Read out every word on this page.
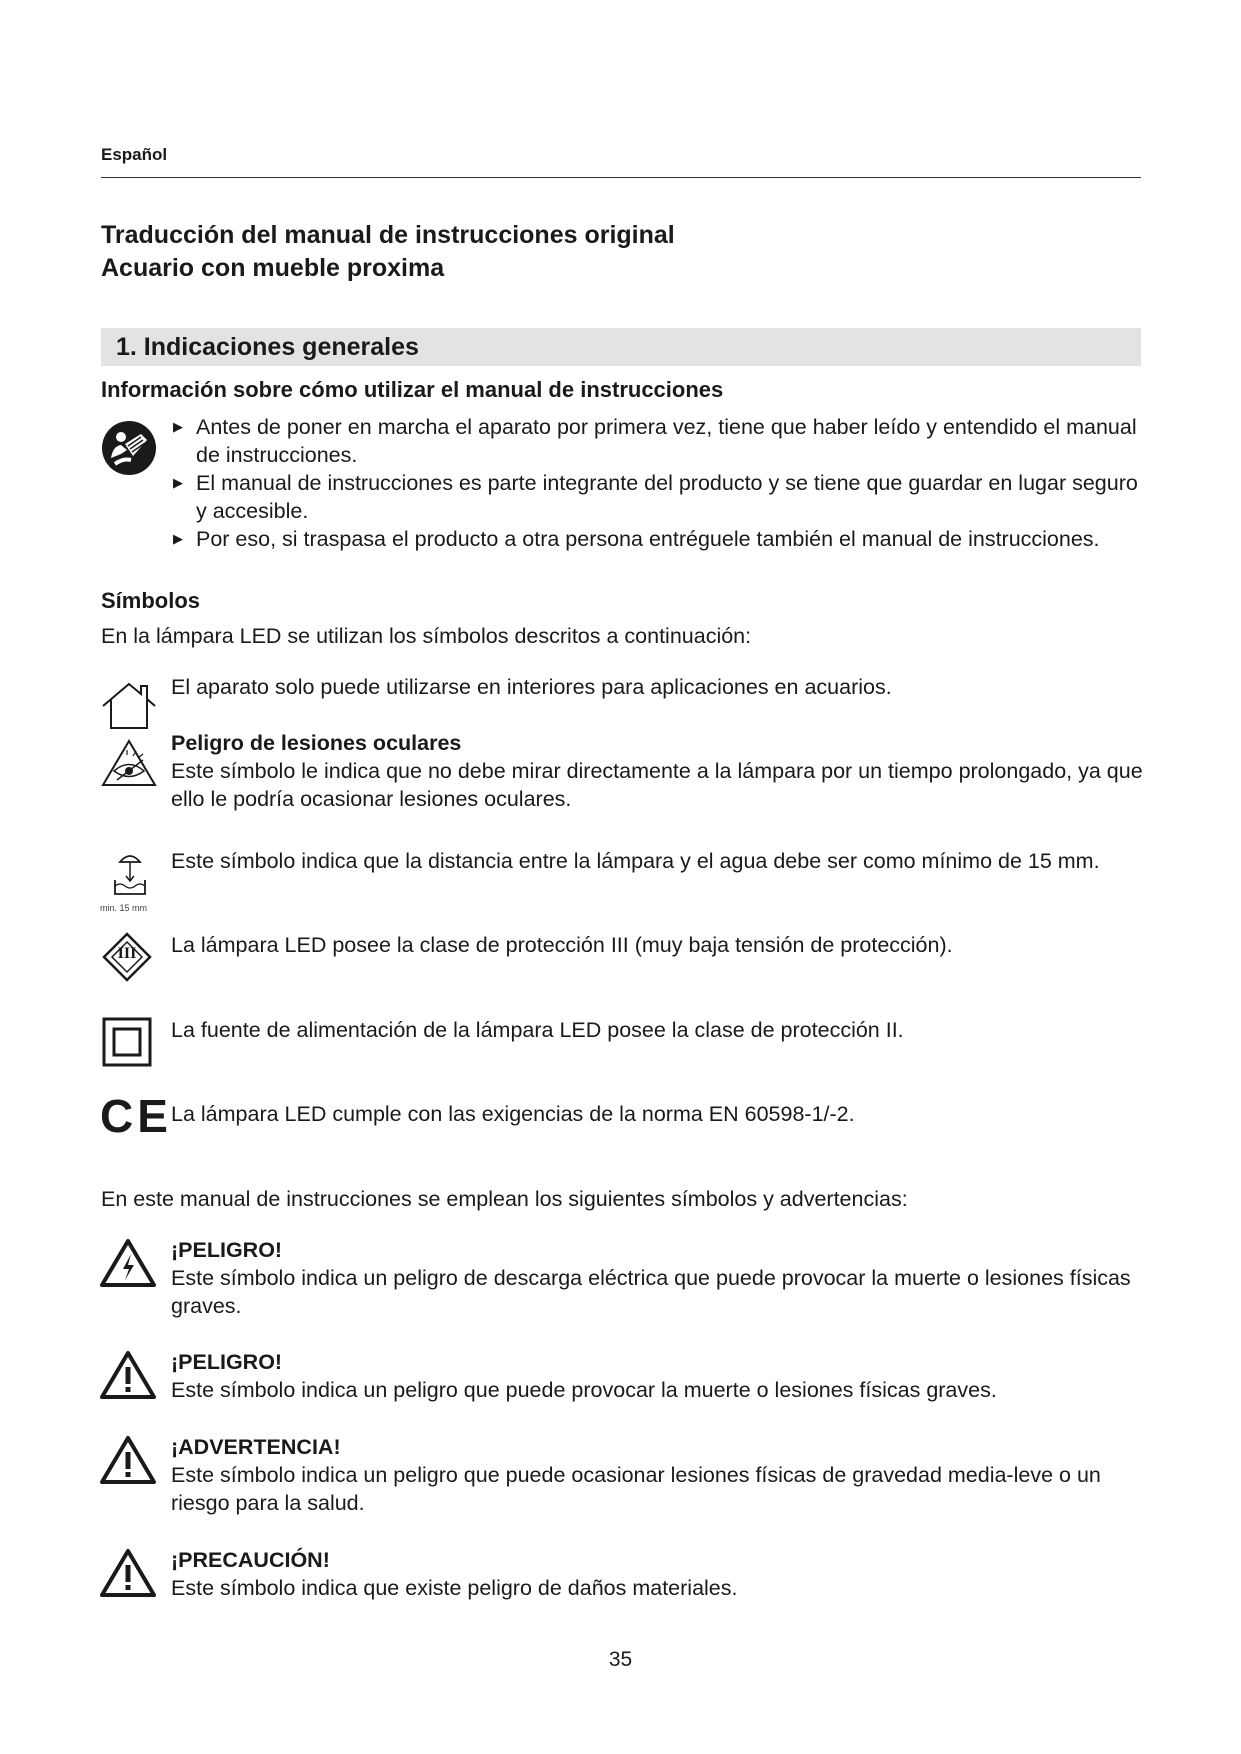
Español
Traducción del manual de instrucciones original
Acuario con mueble proxima
1. Indicaciones generales
Información sobre cómo utilizar el manual de instrucciones
▶ Antes de poner en marcha el aparato por primera vez, tiene que haber leído y entendido el manual de instrucciones.
▶ El manual de instrucciones es parte integrante del producto y se tiene que guardar en lugar seguro y accesible.
▶ Por eso, si traspasa el producto a otra persona entréguele también el manual de instrucciones.
Símbolos
En la lámpara LED se utilizan los símbolos descritos a continuación:
El aparato solo puede utilizarse en interiores para aplicaciones en acuarios.
Peligro de lesiones oculares
Este símbolo le indica que no debe mirar directamente a la lámpara por un tiempo prolongado, ya que ello le podría ocasionar lesiones oculares.
min. 15 mm
Este símbolo indica que la distancia entre la lámpara y el agua debe ser como mínimo de 15 mm.
III	La lámpara LED posee la clase de protección III (muy baja tensión de protección).
La fuente de alimentación de la lámpara LED posee la clase de protección II.
CE La lámpara LED cumple con las exigencias de la norma EN 60598-1/-2.
En este manual de instrucciones se emplean los siguientes símbolos y advertencias:
¡PELIGRO!
Este símbolo indica un peligro de descarga eléctrica que puede provocar la muerte o lesiones físicas graves.
¡PELIGRO!
Este símbolo indica un peligro que puede provocar la muerte o lesiones físicas graves.
¡ADVERTENCIA!
Este símbolo indica un peligro que puede ocasionar lesiones físicas de gravedad media-leve o un riesgo para la salud.
¡PRECAUCIÓN!
Este símbolo indica que existe peligro de daños materiales.
35
